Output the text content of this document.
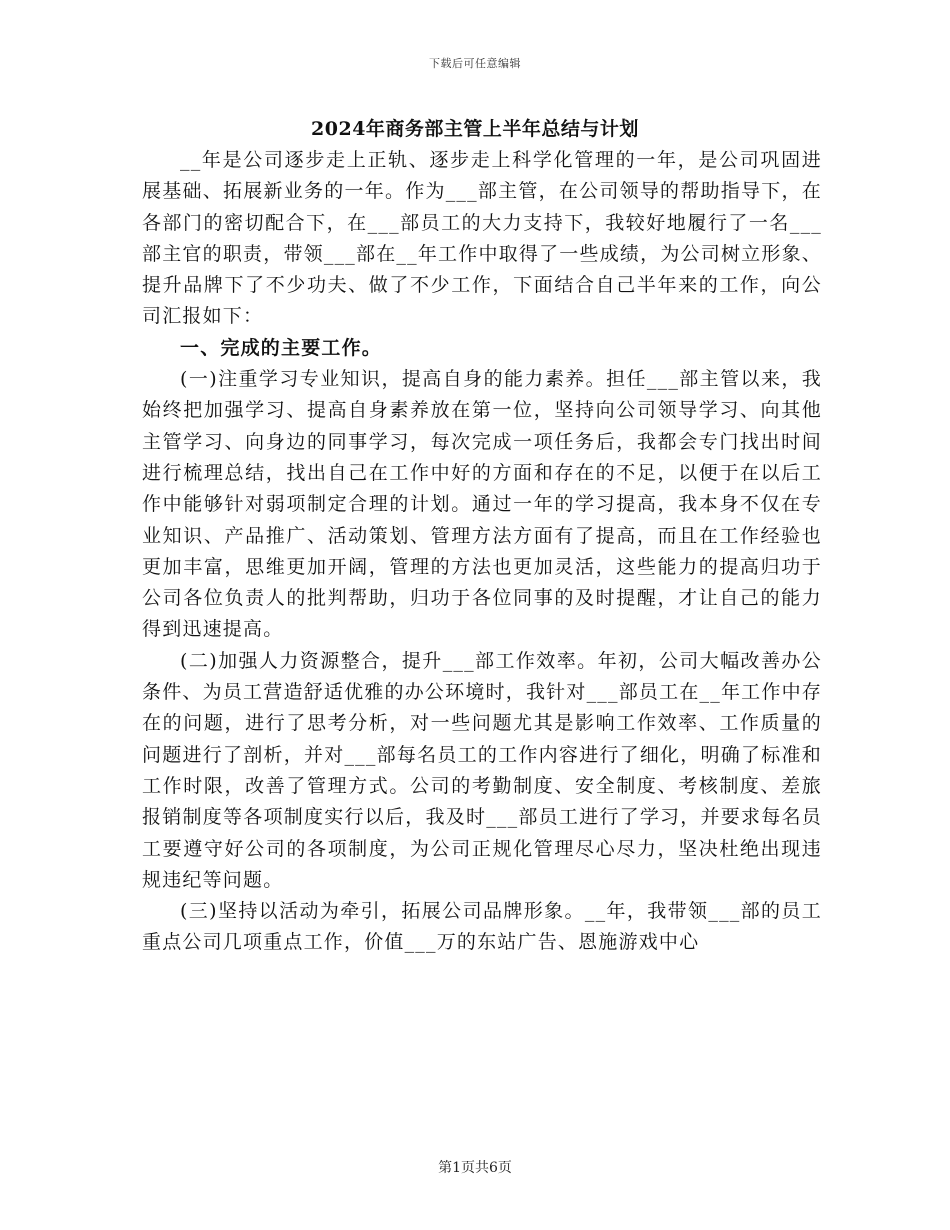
下载后可任意编辑
2024年商务部主管上半年总结与计划

__年是公司逐步走上正轨、逐步走上科学化管理的一年，是公司巩固进展基础、拓展新业务的一年。作为___部主管，在公司领导的帮助指导下，在各部门的密切配合下，在___部员工的大力支持下，我较好地履行了一名___部主官的职责，带领___部在__年工作中取得了一些成绩，为公司树立形象、提升品牌下了不少功夫、做了不少工作，下面结合自己半年来的工作，向公司汇报如下：

一、完成的主要工作。

(一)注重学习专业知识，提高自身的能力素养。担任___部主管以来，我始终把加强学习、提高自身素养放在第一位，坚持向公司领导学习、向其他主管学习、向身边的同事学习，每次完成一项任务后，我都会专门找出时间进行梳理总结，找出自己在工作中好的方面和存在的不足，以便于在以后工作中能够针对弱项制定合理的计划。通过一年的学习提高，我本身不仅在专业知识、产品推广、活动策划、管理方法方面有了提高，而且在工作经验也更加丰富，思维更加开阔，管理的方法也更加灵活，这些能力的提高归功于公司各位负责人的批判帮助，归功于各位同事的及时提醒，才让自己的能力得到迅速提高。

(二)加强人力资源整合，提升___部工作效率。年初，公司大幅改善办公条件、为员工营造舒适优雅的办公环境时，我针对___部员工在__年工作中存在的问题，进行了思考分析，对一些问题尤其是影响工作效率、工作质量的问题进行了剖析，并对___部每名员工的工作内容进行了细化，明确了标准和工作时限，改善了管理方式。公司的考勤制度、安全制度、考核制度、差旅报销制度等各项制度实行以后，我及时___部员工进行了学习，并要求每名员工要遵守好公司的各项制度，为公司正规化管理尽心尽力，坚决杜绝出现违规违纪等问题。

(三)坚持以活动为牵引，拓展公司品牌形象。__年，我带领___部的员工重点公司几项重点工作，价值___万的东站广告、恩施游戏中心

第1页共6页
